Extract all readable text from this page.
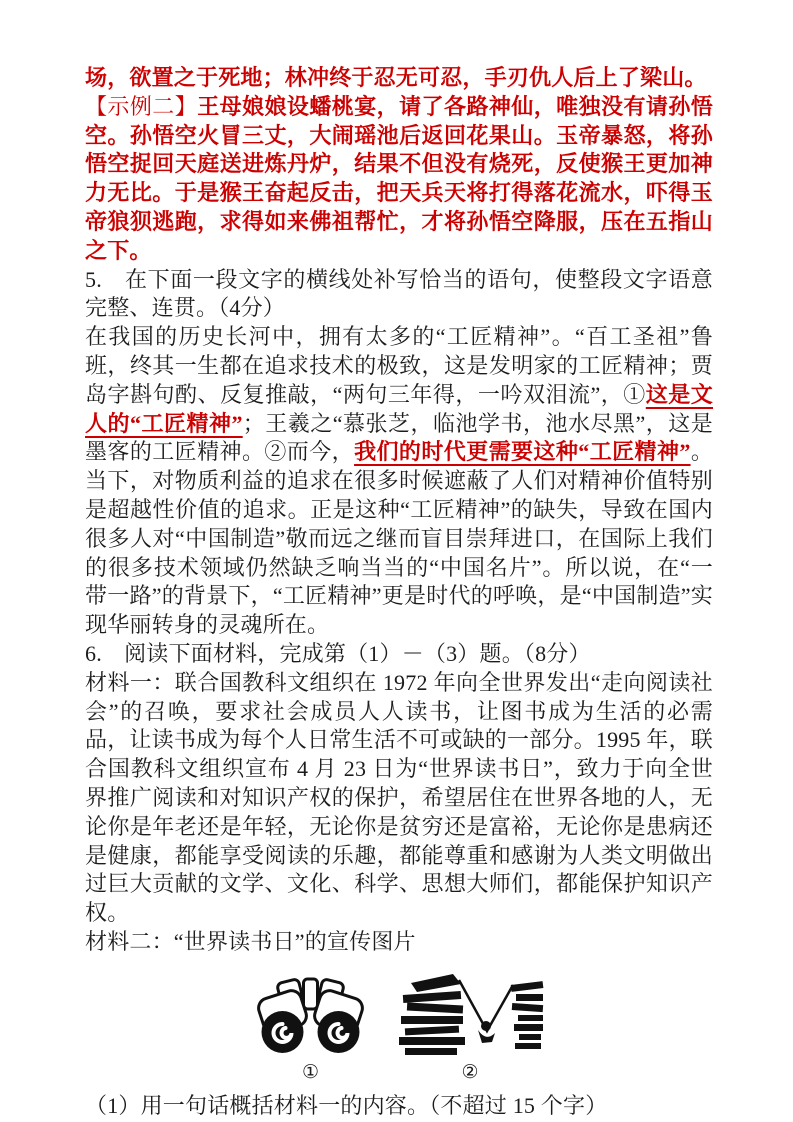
场，欲置之于死地；林冲终于忍无可忍，手刃仇人后上了梁山。

【示例二】王母娘娘设蟠桃宴，请了各路神仙，唯独没有请孙悟空。孙悟空火冒三丈，大闹瑶池后返回花果山。玉帝暴怒，将孙悟空捉回天庭送进炼丹炉，结果不但没有烧死，反使猴王更加神力无比。于是猴王奋起反击，把天兵天将打得落花流水，吓得玉帝狼狈逃跑，求得如来佛祖帮忙，才将孙悟空降服，压在五指山之下。

5.　在下面一段文字的横线处补写恰当的语句，使整段文字语意完整、连贯。（4分）

在我国的历史长河中，拥有太多的“工匠精神”。“百工圣祖”鲁班，终其一生都在追求技术的极致，这是发明家的工匠精神；贾岛字斟句酌、反复推敲，“两句三年得，一吟双泪流”，①这是文人的“工匠精神”；王羲之“慕张芝，临池学书，池水尽黑”，这是墨客的工匠精神。②而今，我们的时代更需要这种“工匠精神”。当下，对物质利益的追求在很多时候遮蔽了人们对精神价值特别是超越性价值的追求。正是这种“工匠精神”的缺失，导致在国内很多人对“中国制造”敬而远之继而盲目崇拜进口，在国际上我们的很多技术领域仍然缺乏响当当的“中国名片”。所以说，在“一带一路”的背景下，“工匠精神”更是时代的呼唤，是“中国制造”实现华丽转身的灵魂所在。

6.　阅读下面材料，完成第（1）－（3）题。（8分）

材料一：联合国教科文组织在 1972 年向全世界发出“走向阅读社会”的召唤，要求社会成员人人读书，让图书成为生活的必需品，让读书成为每个人日常生活不可或缺的一部分。1995 年，联合国教科文组织宣布 4 月 23 日为“世界读书日”，致力于向全世界推广阅读和对知识产权的保护，希望居住在世界各地的人，无论你是年老还是年轻，无论你是贫穷还是富裕，无论你是患病还是健康，都能享受阅读的乐趣，都能尊重和感谢为人类文明做出过巨大贡献的文学、文化、科学、思想大师们，都能保护知识产权。

材料二：“世界读书日”的宣传图片

①	②

（1）用一句话概括材料一的内容。（不超过 15 个字）
